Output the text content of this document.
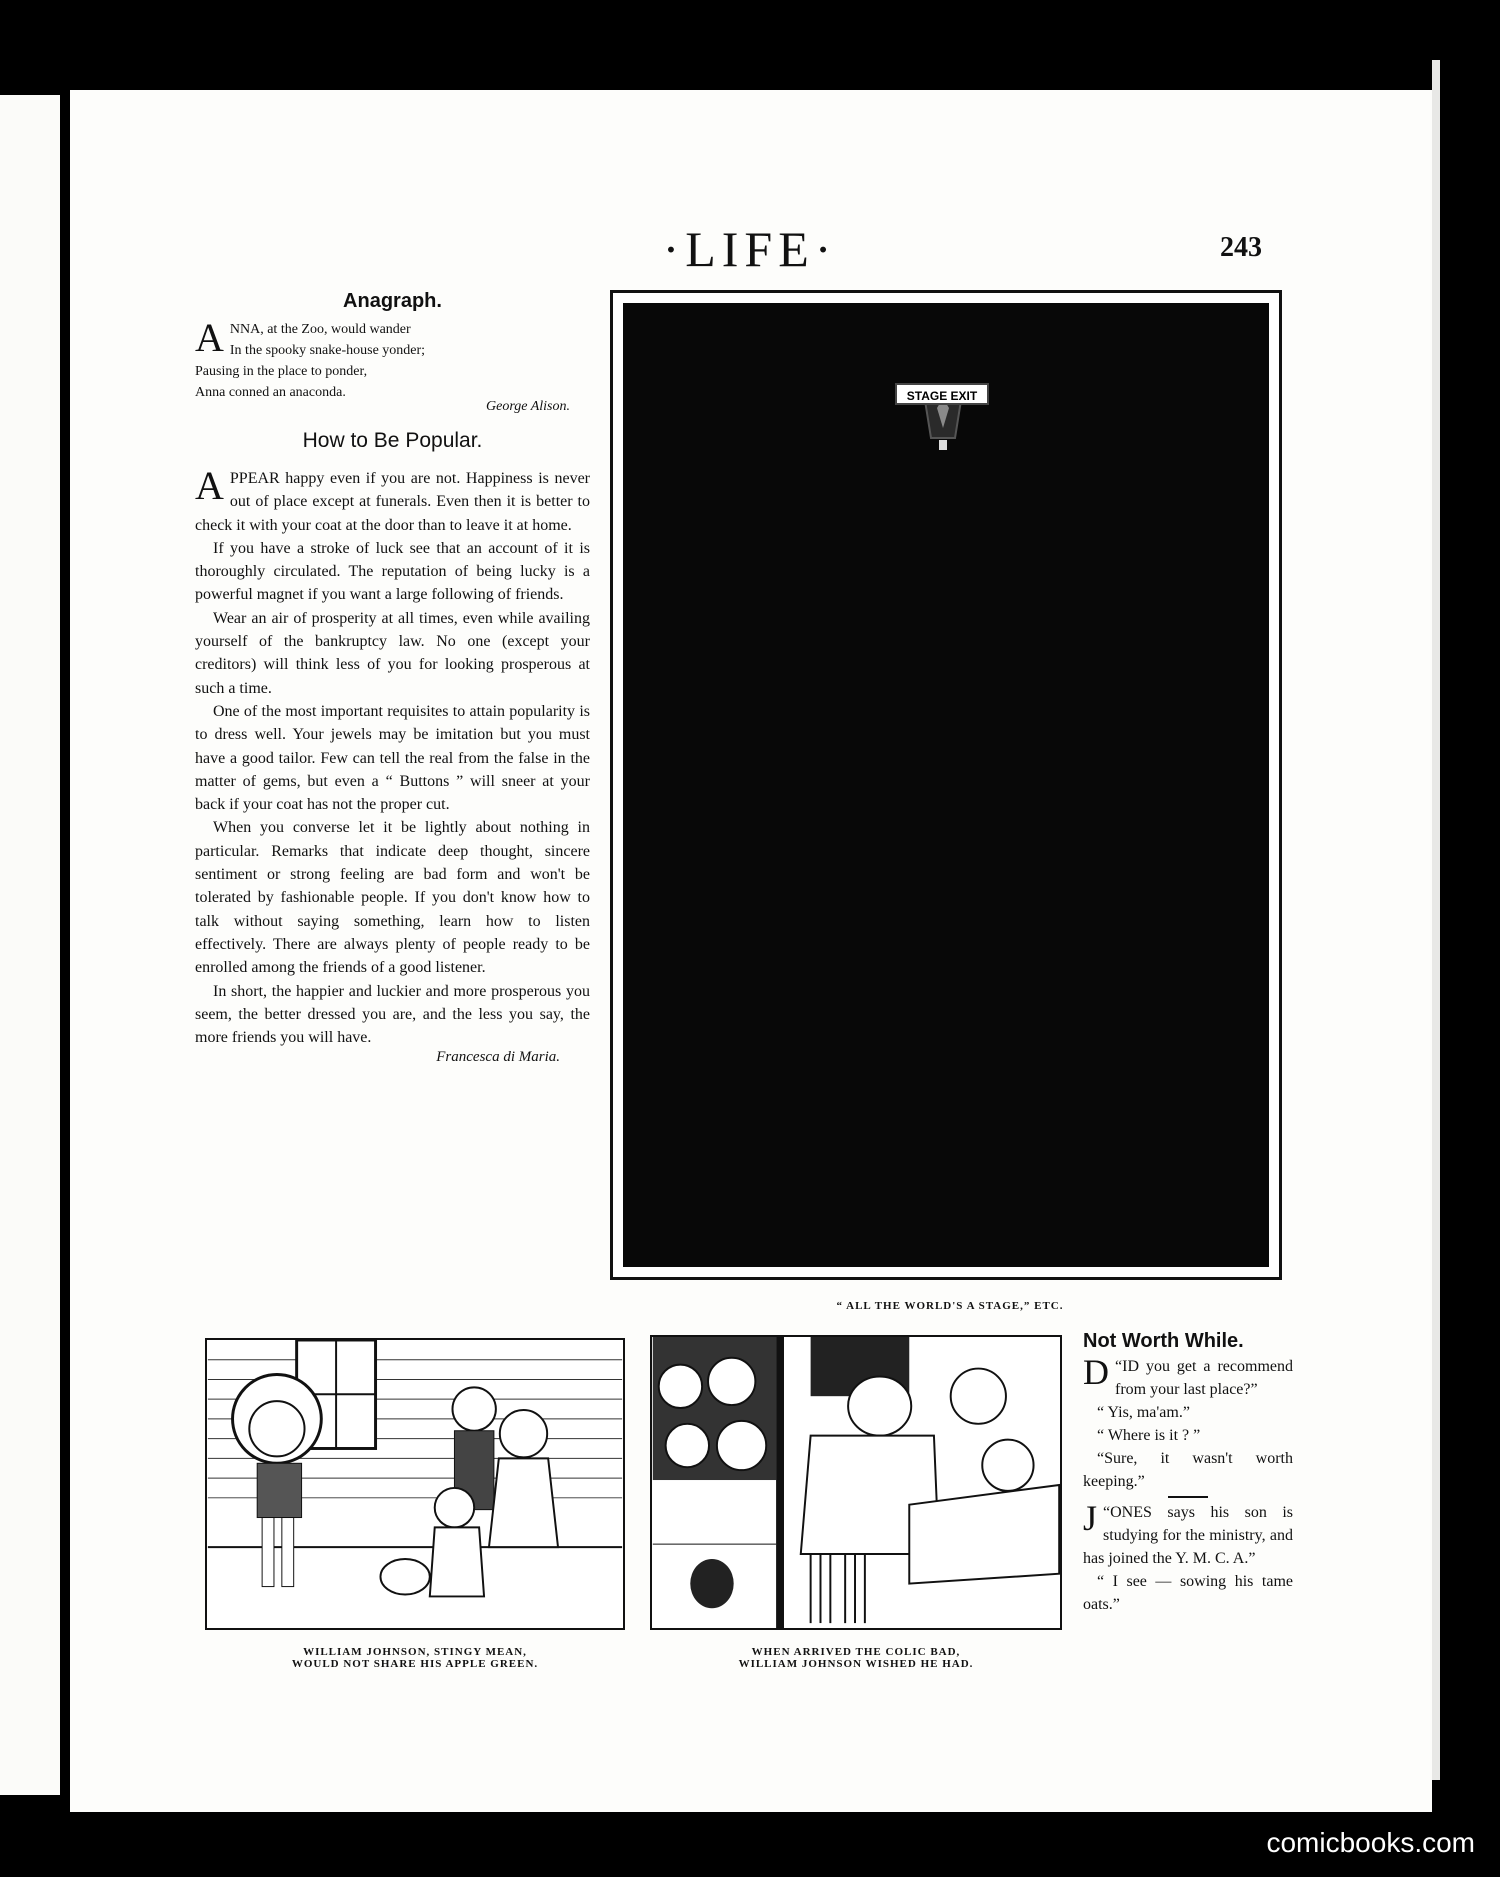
·LIFE·	243
Anagraph.
A NNA, at the Zoo, would wander
In the spooky snake-house yonder;
Pausing in the place to ponder,
Anna conned an anaconda.
George Alison.
How to Be Popular.

APPEAR happy even if you are not. Happiness is never out of place except at funerals. Even then it is better to check it with your coat at the door than to leave it at home.

If you have a stroke of luck see that an account of it is thoroughly circulated. The reputation of being lucky is a powerful magnet if you want a large following of friends.

Wear an air of prosperity at all times, even while availing yourself of the bankruptcy law. No one (except your creditors) will think less of you for looking prosperous at such a time.

One of the most important requisites to attain popularity is to dress well. Your jewels may be imitation but you must have a good tailor. Few can tell the real from the false in the matter of gems, but even a “ Buttons ” will sneer at your back if your coat has not the proper cut.

When you converse let it be lightly about nothing in particular. Remarks that indicate deep thought, sincere sentiment or strong feeling are bad form and won't be tolerated by fashionable people. If you don't know how to talk without saying something, learn how to listen effectively. There are always plenty of people ready to be enrolled among the friends of a good listener.

In short, the happier and luckier and more prosperous you seem, the better dressed you are, and the less you say, the more friends you will have.

Francesca di Maria.
STAGE EXIT
“ ALL THE WORLD'S A STAGE,” ETC.
WILLIAM JOHNSON, STINGY MEAN,
WOULD NOT SHARE HIS APPLE GREEN.
WHEN ARRIVED THE COLIC BAD,
WILLIAM JOHNSON WISHED HE HAD.
Not Worth While.

“
D ID you get a recommend from your last place?”

“ Yis, ma'am.”

“ Where is it ? ”

“Sure, it wasn't worth keeping.”

“
J ONES says his son is studying for the ministry, and has joined the Y. M. C. A.”

“ I see — sowing his tame oats.”

comicbooks.com
